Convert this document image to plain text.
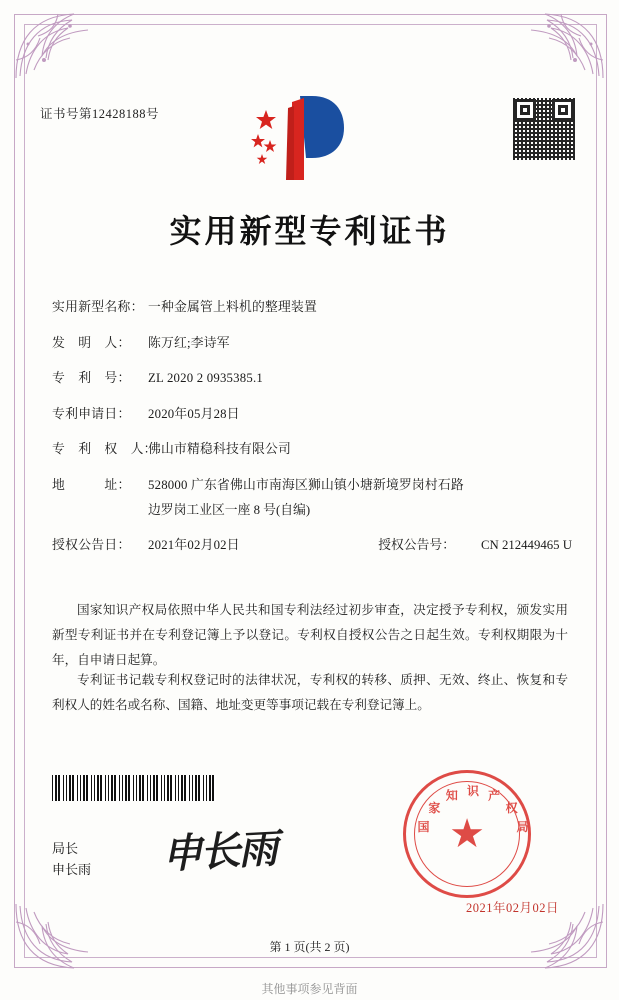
证书号第12428188号
实用新型专利证书
实用新型名称： 一种金属管上料机的整理装置
发　明　人：	陈万红;李诗军
专　利　号：	ZL 2020 2 0935385.1
专利申请日：	2020年05月28日
专　利　权　人：
佛山市精稳科技有限公司
地　　　址：	528000 广东省佛山市南海区狮山镇小塘新境罗岗村石路
边罗岗工业区一座 8 号(自编)
授权公告日：	2021年02月02日	授权公告号： CN 212449465 U
国家知识产权局依照中华人民共和国专利法经过初步审查，决定授予专利权，颁发实用新型专利证书并在专利登记簿上予以登记。专利权自授权公告之日起生效。专利权期限为十年，自申请日起算。
专利证书记载专利权登记时的法律状况，专利权的转移、质押、无效、终止、恢复和专利权人的姓名或名称、国籍、地址变更等事项记载在专利登记簿上。
局长
申长雨 申长雨	国
家
知 识 产
权
局
★
2021年02月02日
第 1 页(共 2 页)
其他事项参见背面
